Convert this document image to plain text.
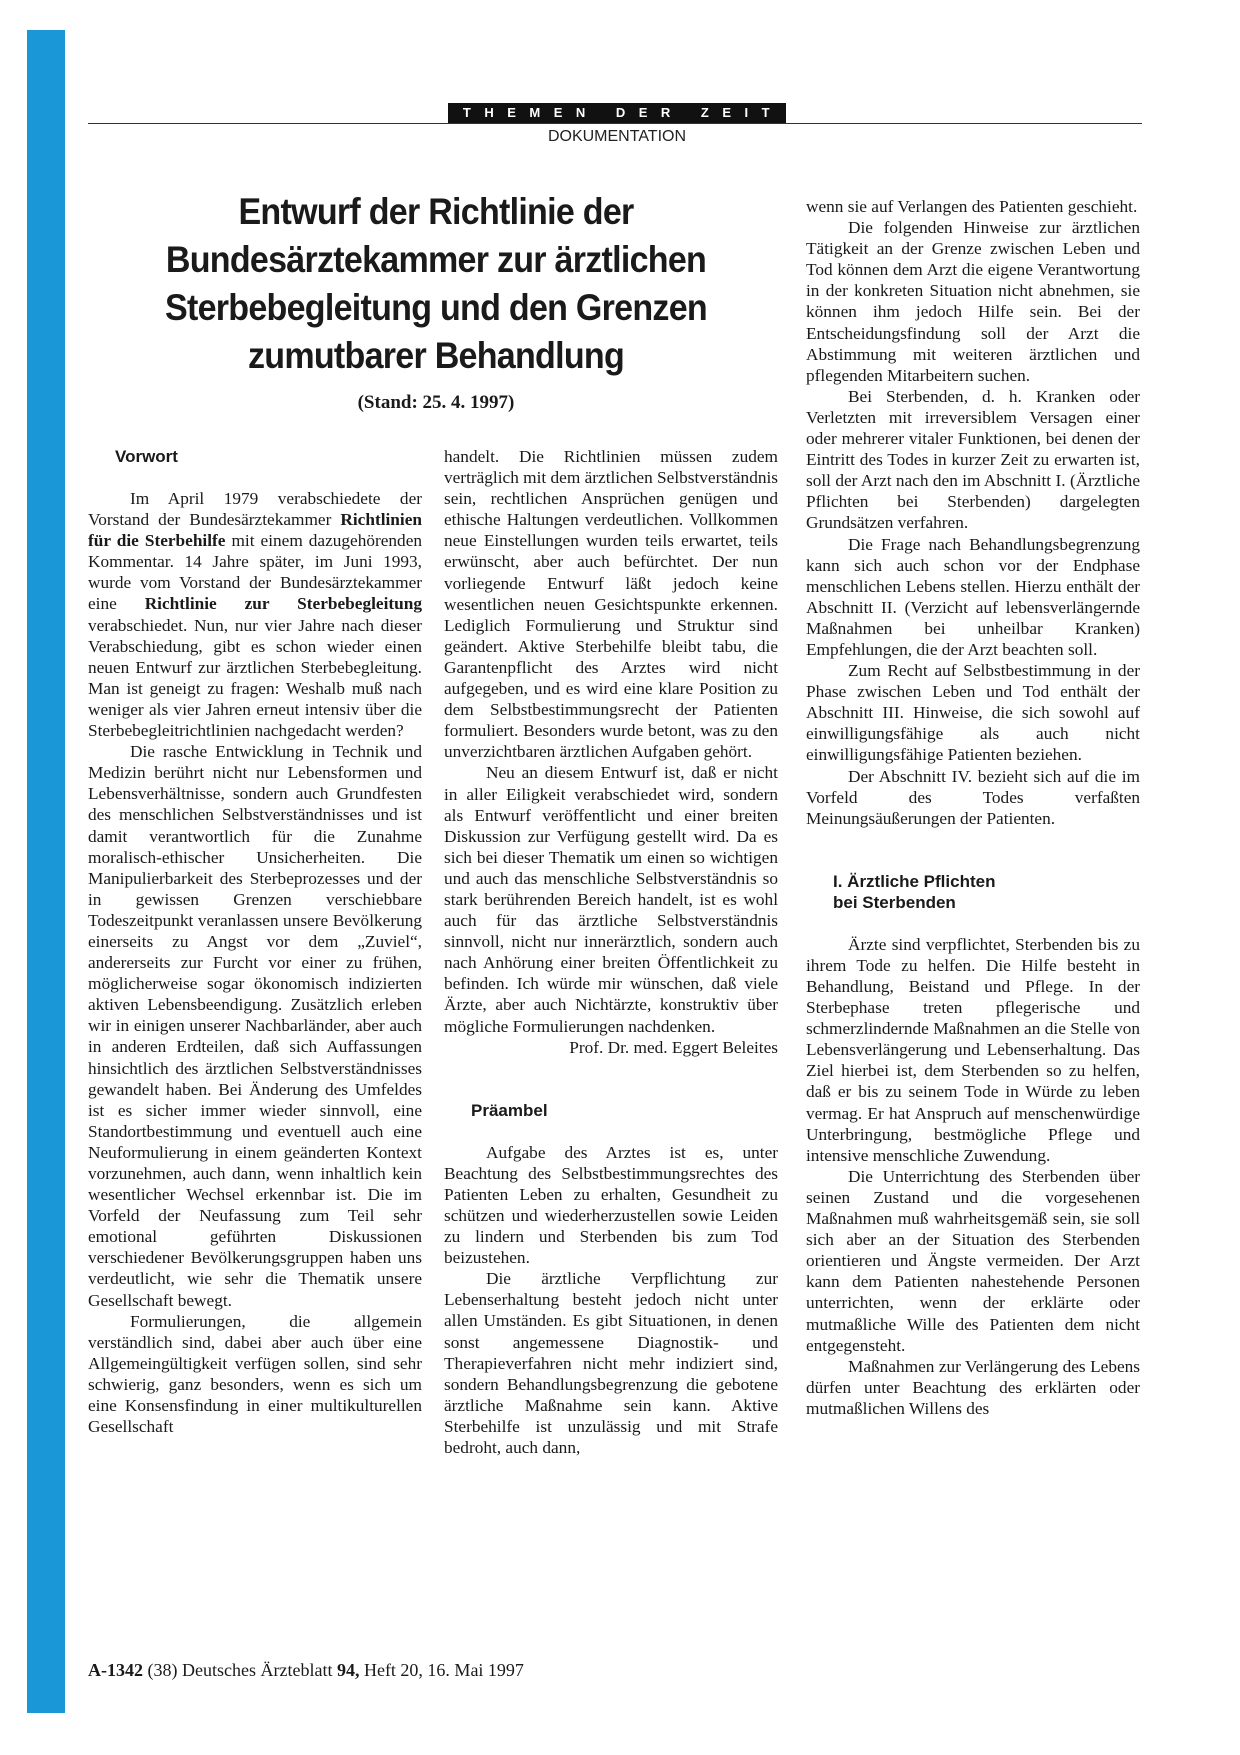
THEMEN DER ZEIT
DOKUMENTATION
Entwurf der Richtlinie der
Bundesärztekammer zur ärztlichen
Sterbebegleitung und den Grenzen
zumutbarer Behandlung
(Stand: 25. 4. 1997)
Vorwort

Im April 1979 verabschiedete der Vorstand der Bundesärztekammer Richtlinien für die Sterbehilfe mit einem dazugehörenden Kommentar. 14 Jahre später, im Juni 1993, wurde vom Vorstand der Bundesärztekammer eine Richtlinie zur Sterbebegleitung verabschiedet. Nun, nur vier Jahre nach dieser Verabschiedung, gibt es schon wieder einen neuen Entwurf zur ärztlichen Sterbebegleitung. Man ist geneigt zu fragen: Weshalb muß nach weniger als vier Jahren erneut intensiv über die Sterbebegleitrichtlinien nachgedacht werden?

Die rasche Entwicklung in Technik und Medizin berührt nicht nur Lebensformen und Lebensverhältnisse, sondern auch Grundfesten des menschlichen Selbstverständnisses und ist damit verantwortlich für die Zunahme moralisch-ethischer Unsicherheiten. Die Manipulierbarkeit des Sterbeprozesses und der in gewissen Grenzen verschiebbare Todeszeitpunkt veranlassen unsere Bevölkerung einerseits zu Angst vor dem „Zuviel“, andererseits zur Furcht vor einer zu frühen, möglicherweise sogar ökonomisch indizierten aktiven Lebensbeendigung. Zusätzlich erleben wir in einigen unserer Nachbarländer, aber auch in anderen Erdteilen, daß sich Auffassungen hinsichtlich des ärztlichen Selbstverständnisses gewandelt haben. Bei Änderung des Umfeldes ist es sicher immer wieder sinnvoll, eine Standortbestimmung und eventuell auch eine Neuformulierung in einem geänderten Kontext vorzunehmen, auch dann, wenn inhaltlich kein wesentlicher Wechsel erkennbar ist. Die im Vorfeld der Neufassung zum Teil sehr emotional geführten Diskussionen verschiedener Bevölkerungsgruppen haben uns verdeutlicht, wie sehr die Thematik unsere Gesellschaft bewegt.

Formulierungen, die allgemein verständlich sind, dabei aber auch über eine Allgemeingültigkeit verfügen sollen, sind sehr schwierig, ganz besonders, wenn es sich um eine Konsensfindung in einer multikulturellen Gesellschaft

handelt. Die Richtlinien müssen zudem verträglich mit dem ärztlichen Selbstverständnis sein, rechtlichen Ansprüchen genügen und ethische Haltungen verdeutlichen. Vollkommen neue Einstellungen wurden teils erwartet, teils erwünscht, aber auch befürchtet. Der nun vorliegende Entwurf läßt jedoch keine wesentlichen neuen Gesichtspunkte erkennen. Lediglich Formulierung und Struktur sind geändert. Aktive Sterbehilfe bleibt tabu, die Garantenpflicht des Arztes wird nicht aufgegeben, und es wird eine klare Position zu dem Selbstbestimmungsrecht der Patienten formuliert. Besonders wurde betont, was zu den unverzichtbaren ärztlichen Aufgaben gehört.

Neu an diesem Entwurf ist, daß er nicht in aller Eiligkeit verabschiedet wird, sondern als Entwurf veröffentlicht und einer breiten Diskussion zur Verfügung gestellt wird. Da es sich bei dieser Thematik um einen so wichtigen und auch das menschliche Selbstverständnis so stark berührenden Bereich handelt, ist es wohl auch für das ärztliche Selbstverständnis sinnvoll, nicht nur innerärztlich, sondern auch nach Anhörung einer breiten Öffentlichkeit zu befinden. Ich würde mir wünschen, daß viele Ärzte, aber auch Nichtärzte, konstruktiv über mögliche Formulierungen nachdenken.

Prof. Dr. med. Eggert Beleites

Präambel

Aufgabe des Arztes ist es, unter Beachtung des Selbstbestimmungsrechtes des Patienten Leben zu erhalten, Gesundheit zu schützen und wiederherzustellen sowie Leiden zu lindern und Sterbenden bis zum Tod beizustehen.

Die ärztliche Verpflichtung zur Lebenserhaltung besteht jedoch nicht unter allen Umständen. Es gibt Situationen, in denen sonst angemessene Diagnostik- und Therapieverfahren nicht mehr indiziert sind, sondern Behandlungsbegrenzung die gebotene ärztliche Maßnahme sein kann. Aktive Sterbehilfe ist unzulässig und mit Strafe bedroht, auch dann,

wenn sie auf Verlangen des Patienten geschieht.

Die folgenden Hinweise zur ärztlichen Tätigkeit an der Grenze zwischen Leben und Tod können dem Arzt die eigene Verantwortung in der konkreten Situation nicht abnehmen, sie können ihm jedoch Hilfe sein. Bei der Entscheidungsfindung soll der Arzt die Abstimmung mit weiteren ärztlichen und pflegenden Mitarbeitern suchen.

Bei Sterbenden, d. h. Kranken oder Verletzten mit irreversiblem Versagen einer oder mehrerer vitaler Funktionen, bei denen der Eintritt des Todes in kurzer Zeit zu erwarten ist, soll der Arzt nach den im Abschnitt I. (Ärztliche Pflichten bei Sterbenden) dargelegten Grundsätzen verfahren.

Die Frage nach Behandlungsbegrenzung kann sich auch schon vor der Endphase menschlichen Lebens stellen. Hierzu enthält der Abschnitt II. (Verzicht auf lebensverlängernde Maßnahmen bei unheilbar Kranken) Empfehlungen, die der Arzt beachten soll.

Zum Recht auf Selbstbestimmung in der Phase zwischen Leben und Tod enthält der Abschnitt III. Hinweise, die sich sowohl auf einwilligungsfähige als auch nicht einwilligungsfähige Patienten beziehen.

Der Abschnitt IV. bezieht sich auf die im Vorfeld des Todes verfaßten Meinungsäußerungen der Patienten.

I. Ärztliche Pflichten
bei Sterbenden

Ärzte sind verpflichtet, Sterbenden bis zu ihrem Tode zu helfen. Die Hilfe besteht in Behandlung, Beistand und Pflege. In der Sterbephase treten pflegerische und schmerzlindernde Maßnahmen an die Stelle von Lebensverlängerung und Lebenserhaltung. Das Ziel hierbei ist, dem Sterbenden so zu helfen, daß er bis zu seinem Tode in Würde zu leben vermag. Er hat Anspruch auf menschenwürdige Unterbringung, bestmögliche Pflege und intensive menschliche Zuwendung.

Die Unterrichtung des Sterbenden über seinen Zustand und die vorgesehenen Maßnahmen muß wahrheitsgemäß sein, sie soll sich aber an der Situation des Sterbenden orientieren und Ängste vermeiden. Der Arzt kann dem Patienten nahestehende Personen unterrichten, wenn der erklärte oder mutmaßliche Wille des Patienten dem nicht entgegensteht.

Maßnahmen zur Verlängerung des Lebens dürfen unter Beachtung des erklärten oder mutmaßlichen Willens des

A-1342 (38) Deutsches Ärzteblatt 94, Heft 20, 16. Mai 1997
